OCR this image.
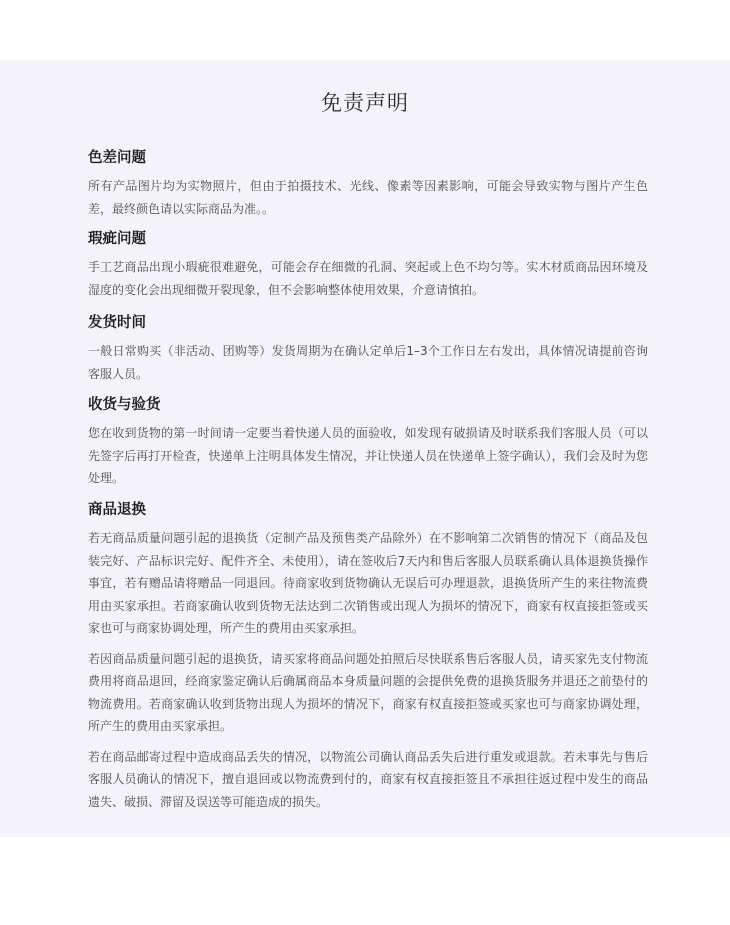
免责声明
色差问题

所有产品图片均为实物照片，但由于拍摄技术、光线、像素等因素影响，可能会导致实物与图片产生色差，最终颜色请以实际商品为准。。

瑕疵问题

手工艺商品出现小瑕疵很难避免，可能会存在细微的孔洞、突起或上色不均匀等。实木材质商品因环境及湿度的变化会出现细微开裂现象，但不会影响整体使用效果，介意请慎拍。

发货时间

一般日常购买（非活动、团购等）发货周期为在确认定单后1–3个工作日左右发出，具体情况请提前咨询客服人员。

收货与验货

您在收到货物的第一时间请一定要当着快递人员的面验收，如发现有破损请及时联系我们客服人员（可以先签字后再打开检查，快递单上注明具体发生情况，并让快递人员在快递单上签字确认），我们会及时为您处理。

商品退换

若无商品质量问题引起的退换货（定制产品及预售类产品除外）在不影响第二次销售的情况下（商品及包装完好、产品标识完好、配件齐全、未使用），请在签收后7天内和售后客服人员联系确认具体退换货操作事宜，若有赠品请将赠品一同退回。待商家收到货物确认无误后可办理退款，退换货所产生的来往物流费用由买家承担。若商家确认收到货物无法达到二次销售或出现人为损坏的情况下，商家有权直接拒签或买家也可与商家协调处理，所产生的费用由买家承担。

若因商品质量问题引起的退换货，请买家将商品问题处拍照后尽快联系售后客服人员，请买家先支付物流费用将商品退回，经商家鉴定确认后确属商品本身质量问题的会提供免费的退换货服务并退还之前垫付的物流费用。若商家确认收到货物出现人为损坏的情况下，商家有权直接拒签或买家也可与商家协调处理，所产生的费用由买家承担。

若在商品邮寄过程中造成商品丢失的情况，以物流公司确认商品丢失后进行重发或退款。若未事先与售后客服人员确认的情况下，擅自退回或以物流费到付的，商家有权直接拒签且不承担往返过程中发生的商品遗失、破损、滞留及误送等可能造成的损失。
